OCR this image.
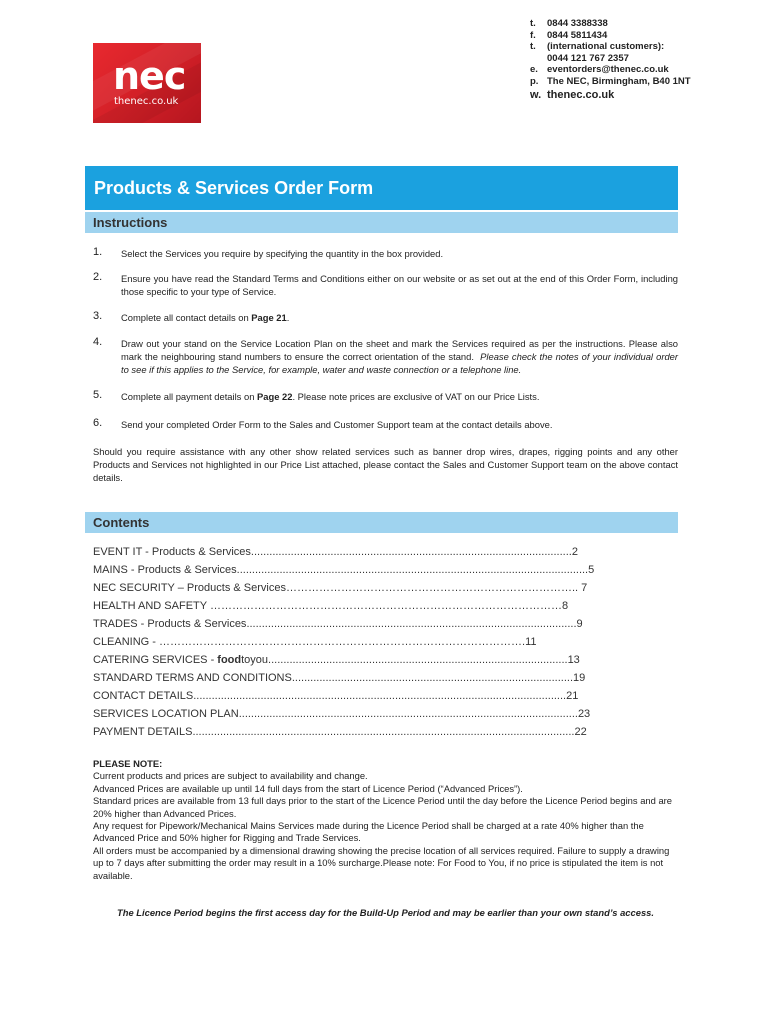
nec
thenec.co.uk
t.	0844 3388338
f.	0844 5811434
t.	(international customers):
0044 121 767 2357
e. eventorders@thenec.co.uk
p. The NEC, Birmingham, B40 1NT
w. thenec.co.uk
Products & Services Order Form
Instructions
1. Select the Services you require by specifying the quantity in the box provided.
2. Ensure you have read the Standard Terms and Conditions either on our website or as set out at the end of this Order Form, including those specific to your type of Service.
3. Complete all contact details on Page 21.
4. Draw out your stand on the Service Location Plan on the sheet and mark the Services required as per the instructions. Please also mark the neighbouring stand numbers to ensure the correct orientation of the stand. Please check the notes of your individual order to see if this applies to the Service, for example, water and waste connection or a telephone line.
5. Complete all payment details on Page 22. Please note prices are exclusive of VAT on our Price Lists.
6. Send your completed Order Form to the Sales and Customer Support team at the contact details above.
Should you require assistance with any other show related services such as banner drop wires, drapes, rigging points and any other Products and Services not highlighted in our Price List attached, please contact the Sales and Customer Support team on the above contact details.
Contents
EVENT IT - Products & Services.........................................................................................................2
MAINS - Products & Services...................................................................................................................5
NEC SECURITY – Products & Services…………………………………………………………………….. 7
HEALTH AND SAFETY ……………………………………………………………………………………8
TRADES - Products & Services............................................................................................................9
CLEANING - ……………………………………………………………………………………….11
CATERING SERVICES - foodtoyou..................................................................................................13
STANDARD TERMS AND CONDITIONS............................................................................................19
CONTACT DETAILS..........................................................................................................................21
SERVICES LOCATION PLAN...............................................................................................................23
PAYMENT DETAILS.............................................................................................................................22
PLEASE NOTE:
Current products and prices are subject to availability and change.
Advanced Prices are available up until 14 full days from the start of Licence Period (“Advanced Prices”).
Standard prices are available from 13 full days prior to the start of the Licence Period until the day before the Licence Period begins and are 20% higher than Advanced Prices.
Any request for Pipework/Mechanical Mains Services made during the Licence Period shall be charged at a rate 40% higher than the Advanced Price and 50% higher for Rigging and Trade Services.
All orders must be accompanied by a dimensional drawing showing the precise location of all services required. Failure to supply a drawing up to 7 days after submitting the order may result in a 10% surcharge.Please note: For Food to You, if no price is stipulated the item is not available.
The Licence Period begins the first access day for the Build-Up Period and may be earlier than your own stand’s access.
